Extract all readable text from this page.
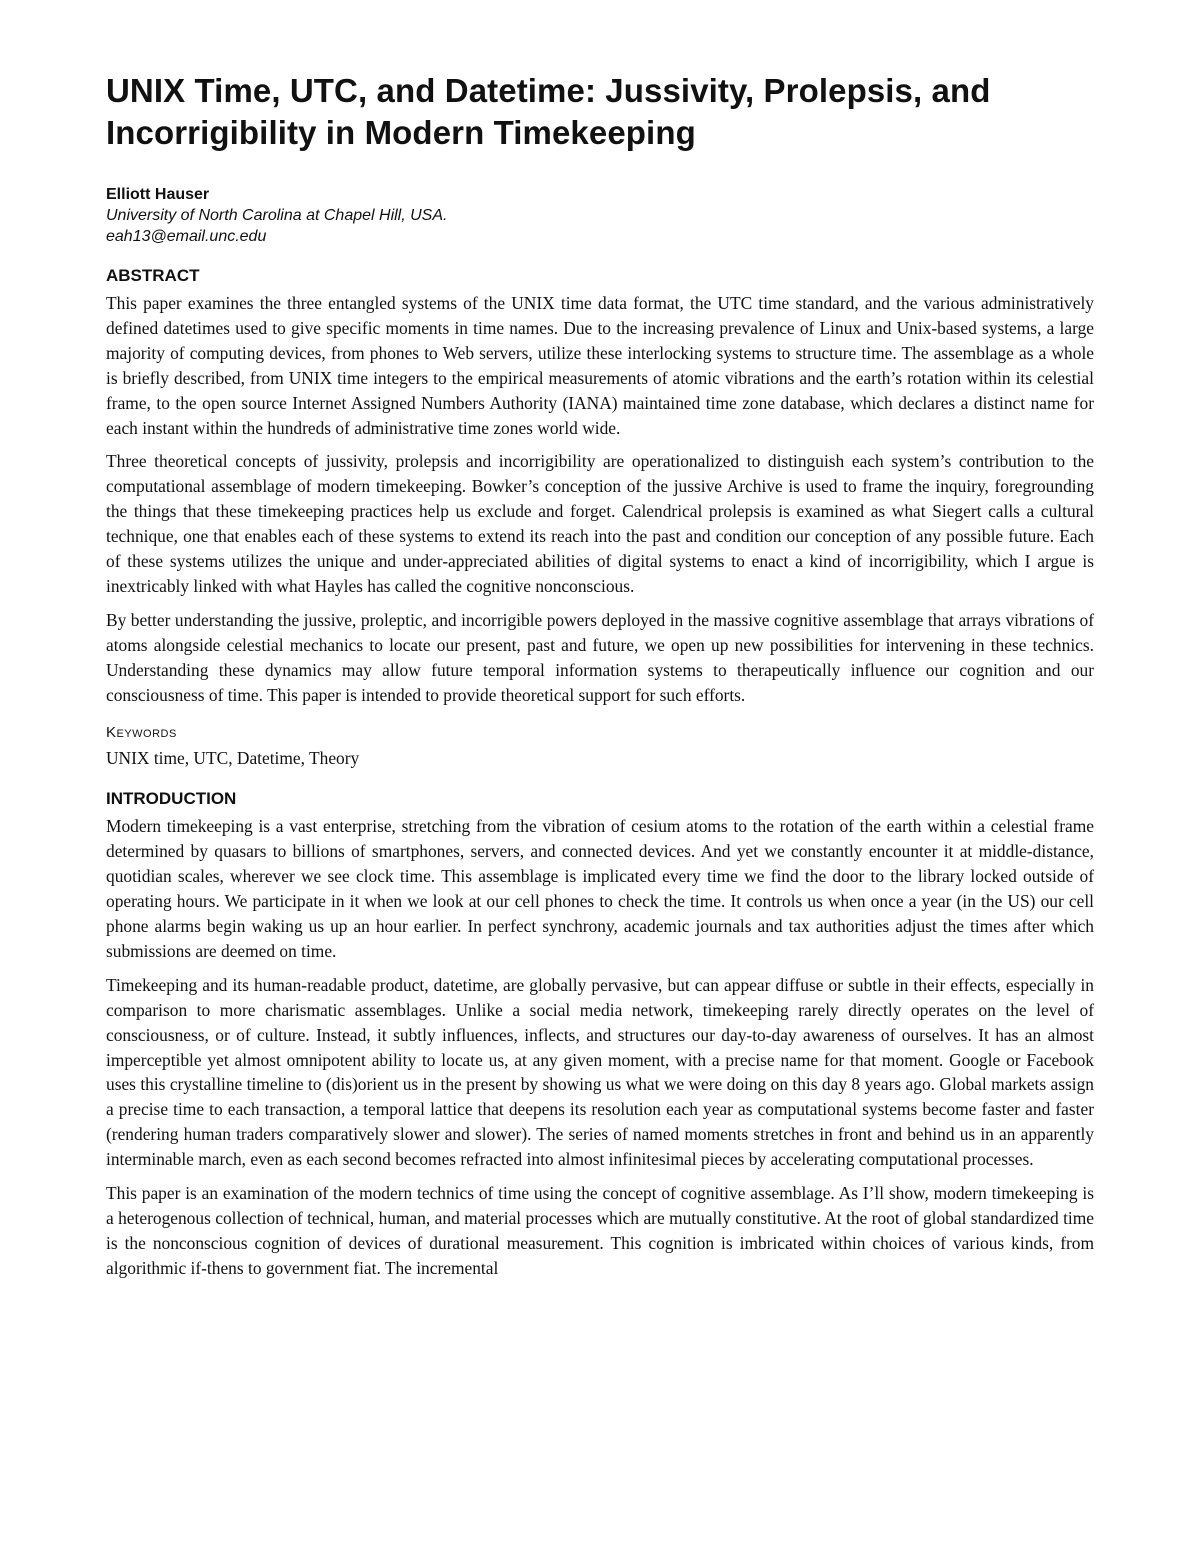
UNIX Time, UTC, and Datetime: Jussivity, Prolepsis, and Incorrigibility in Modern Timekeeping
Elliott Hauser
University of North Carolina at Chapel Hill, USA.
eah13@email.unc.edu
ABSTRACT

This paper examines the three entangled systems of the UNIX time data format, the UTC time standard, and the various administratively defined datetimes used to give specific moments in time names. Due to the increasing prevalence of Linux and Unix-based systems, a large majority of computing devices, from phones to Web servers, utilize these interlocking systems to structure time. The assemblage as a whole is briefly described, from UNIX time integers to the empirical measurements of atomic vibrations and the earth’s rotation within its celestial frame, to the open source Internet Assigned Numbers Authority (IANA) maintained time zone database, which declares a distinct name for each instant within the hundreds of administrative time zones world wide.

Three theoretical concepts of jussivity, prolepsis and incorrigibility are operationalized to distinguish each system’s contribution to the computational assemblage of modern timekeeping. Bowker’s conception of the jussive Archive is used to frame the inquiry, foregrounding the things that these timekeeping practices help us exclude and forget. Calendrical prolepsis is examined as what Siegert calls a cultural technique, one that enables each of these systems to extend its reach into the past and condition our conception of any possible future. Each of these systems utilizes the unique and under-appreciated abilities of digital systems to enact a kind of incorrigibility, which I argue is inextricably linked with what Hayles has called the cognitive nonconscious.

By better understanding the jussive, proleptic, and incorrigible powers deployed in the massive cognitive assemblage that arrays vibrations of atoms alongside celestial mechanics to locate our present, past and future, we open up new possibilities for intervening in these technics. Understanding these dynamics may allow future temporal information systems to therapeutically influence our cognition and our consciousness of time. This paper is intended to provide theoretical support for such efforts.

Keywords

UNIX time, UTC, Datetime, Theory

INTRODUCTION

Modern timekeeping is a vast enterprise, stretching from the vibration of cesium atoms to the rotation of the earth within a celestial frame determined by quasars to billions of smartphones, servers, and connected devices. And yet we constantly encounter it at middle-distance, quotidian scales, wherever we see clock time. This assemblage is implicated every time we find the door to the library locked outside of operating hours. We participate in it when we look at our cell phones to check the time. It controls us when once a year (in the US) our cell phone alarms begin waking us up an hour earlier. In perfect synchrony, academic journals and tax authorities adjust the times after which submissions are deemed on time.

Timekeeping and its human-readable product, datetime, are globally pervasive, but can appear diffuse or subtle in their effects, especially in comparison to more charismatic assemblages. Unlike a social media network, timekeeping rarely directly operates on the level of consciousness, or of culture. Instead, it subtly influences, inflects, and structures our day-to-day awareness of ourselves. It has an almost imperceptible yet almost omnipotent ability to locate us, at any given moment, with a precise name for that moment. Google or Facebook uses this crystalline timeline to (dis)orient us in the present by showing us what we were doing on this day 8 years ago. Global markets assign a precise time to each transaction, a temporal lattice that deepens its resolution each year as computational systems become faster and faster (rendering human traders comparatively slower and slower). The series of named moments stretches in front and behind us in an apparently interminable march, even as each second becomes refracted into almost infinitesimal pieces by accelerating computational processes.

This paper is an examination of the modern technics of time using the concept of cognitive assemblage. As I’ll show, modern timekeeping is a heterogenous collection of technical, human, and material processes which are mutually constitutive. At the root of global standardized time is the nonconscious cognition of devices of durational measurement. This cognition is imbricated within choices of various kinds, from algorithmic if-thens to government fiat. The incremental
